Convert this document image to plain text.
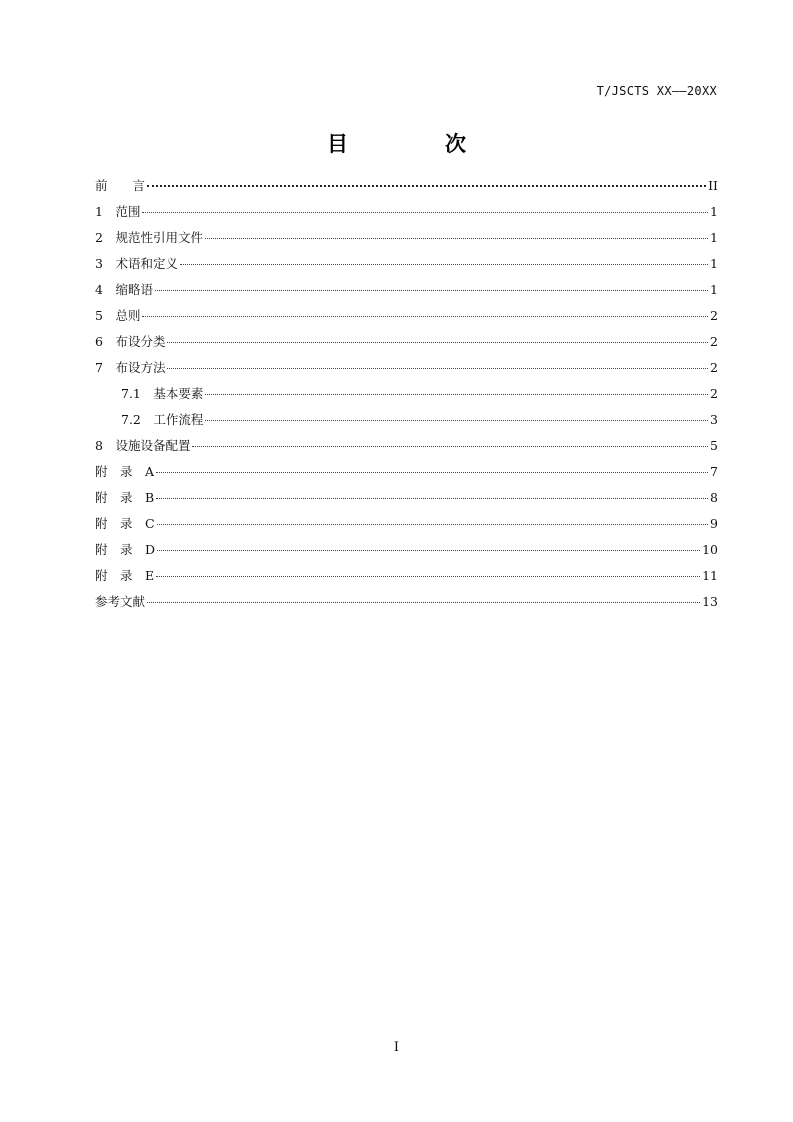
T/JSCTS XX——20XX
目　次
前　　言	II
1　范围	1
2　规范性引用文件	1
3　术语和定义	1
4　缩略语	1
5　总则	2
6　布设分类	2
7　布设方法	2
7.1　基本要素	2
7.2　工作流程	3
8　设施设备配置	5
附　录　A	7
附　录　B	8
附　录　C	9
附　录　D	10
附　录　E	11
参考文献	13
I
